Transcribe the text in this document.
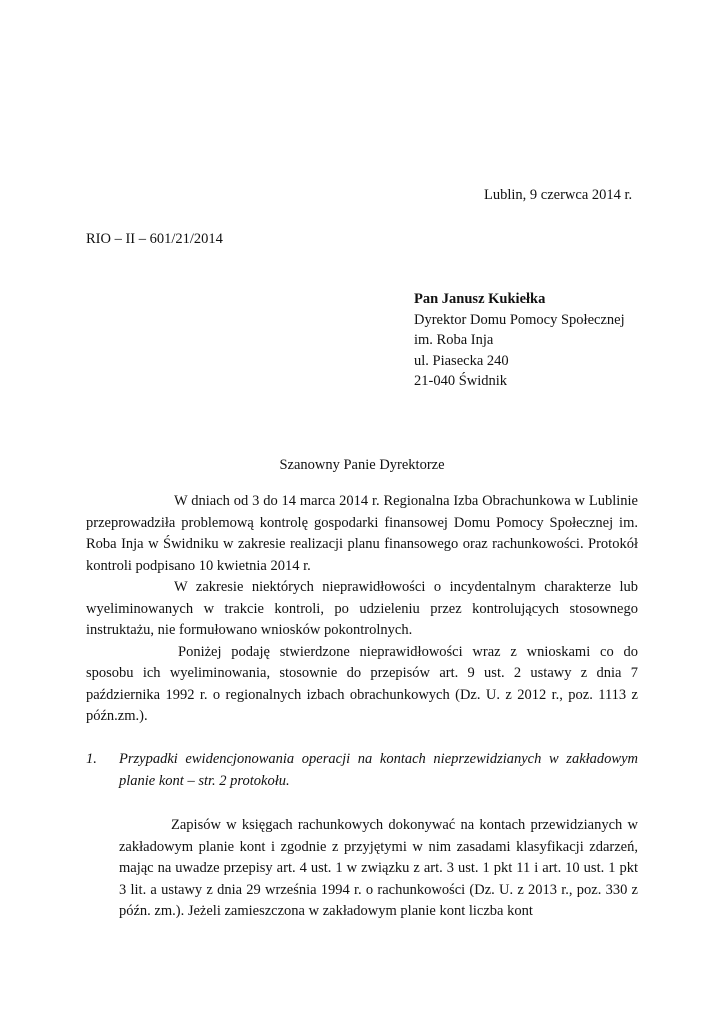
Lublin, 9 czerwca 2014 r.
RIO – II – 601/21/2014
Pan Janusz Kukiełka
Dyrektor Domu Pomocy Społecznej
im. Roba Inja
ul. Piasecka 240
21-040 Świdnik
Szanowny Panie Dyrektorze

W dniach od 3 do 14 marca 2014 r. Regionalna Izba Obrachunkowa w Lublinie przeprowadziła problemową kontrolę gospodarki finansowej Domu Pomocy Społecznej im. Roba Inja w Świdniku w zakresie realizacji planu finansowego oraz rachunkowości. Protokół kontroli podpisano 10 kwietnia 2014 r.

W zakresie niektórych nieprawidłowości o incydentalnym charakterze lub wyeliminowanych w trakcie kontroli, po udzieleniu przez kontrolujących stosownego instruktażu, nie formułowano wniosków pokontrolnych.

Poniżej podaję stwierdzone nieprawidłowości wraz z wnioskami co do sposobu ich wyeliminowania, stosownie do przepisów art. 9 ust. 2 ustawy z dnia 7 października 1992 r. o regionalnych izbach obrachunkowych (Dz. U. z 2012 r., poz. 1113 z późn.zm.).

1. Przypadki ewidencjonowania operacji na kontach nieprzewidzianych w zakładowym planie kont – str. 2 protokołu.

Zapisów w księgach rachunkowych dokonywać na kontach przewidzianych w zakładowym planie kont i zgodnie z przyjętymi w nim zasadami klasyfikacji zdarzeń, mając na uwadze przepisy art. 4 ust. 1 w związku z art. 3 ust. 1 pkt 11 i art. 10 ust. 1 pkt 3 lit. a ustawy z dnia 29 września 1994 r. o rachunkowości (Dz. U. z 2013 r., poz. 330 z późn. zm.). Jeżeli zamieszczona w zakładowym planie kont liczba kont
